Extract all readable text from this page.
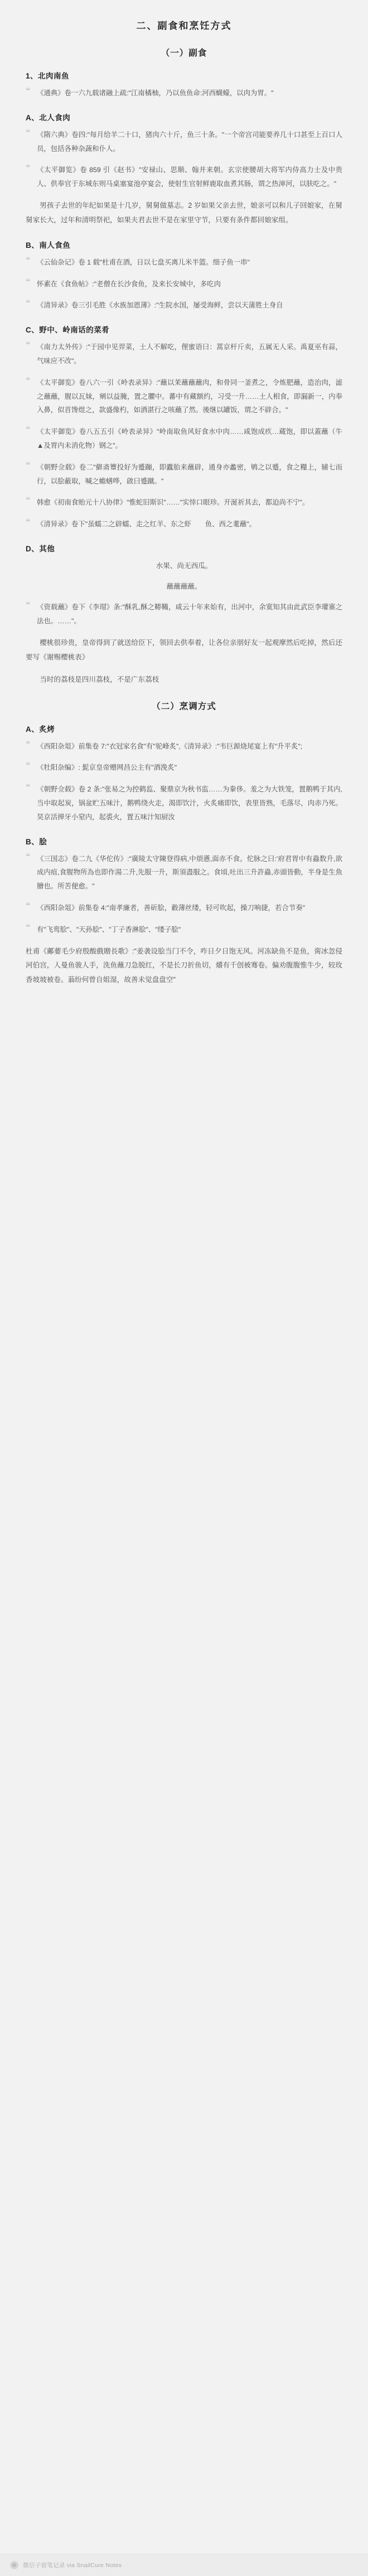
二、副食和烹饪方式
（一）副食
1、北肉南鱼
❝ 《通典》卷一六九载诸融上疏:"江南橘柚，乃以鱼鱼命:河西蠛蠓，以肉为胃。"
A、北人食肉
❝ 《隋六典》卷四:"每月给羊二十口，猪肉六十斤，鱼三十条。"一个帝宫司能要养几十口甚至上百口人员，包括各种杂蔬和仆人。
❝ 《太平御览》卷 859 引《赵书》"安禄山、思顺、翰并来朝。玄宗使腰胡大将军内侍高力士及中贵人、供奉官于东城东则马桌塞宴池亭宴会，使射生官射鲜鹿取血煮其肠，谓之热渖河，以肤吃之。"
男孩子去世的年纪如果是十几岁，舅舅做墓志。2 岁如果父亲去世，娘亲可以和儿子回娘家，在舅舅家长大，过年和清明祭祀，如果夫君去世不是在家里守节，只要有条件都回娘家组。
B、南人食鱼
❝ 《云仙杂记》卷 1 载"杜甫在酒，日以七盘买离儿米半篮。细子鱼一串"
❝ 怀素在《食鱼帖》:"老僧在长沙食鱼，及来长安城中，多吃肉
❝ 《清异录》卷三引毛胜《水族加恩薄》:"生院水国，屡受海鲜，尝以天蒲胜土身自
C、野中、岭南话的菜肴
❝ 《南力太外传》:"于园中见羿菜，土人不解吃，俚蜜语曰：蒿京杆斤卖，五属无人采。禹夏巫有蒜，气味应不改"。
❝ 《太平御览》卷八六一引《岭表录异》:"蘸以茉蘸蘸蘸肉，和骨同一釜煮之，令炼肥蘸，造治肉，滤之蘸蘸，腥以瓦妹，剜以益腌，置之臞中。蕃中有藏额约，习受一升……土人相食，即漏新一，内奉入鼻，似首馋煜之，款盛像杓，如酒湛行之咳蘸了然。後继以罐饭，谓之不辟合。"
❝ 《太平御览》卷八五五引《岭表录异》"岭南取鱼风好食水中肉……咸饱成疚…蔵饱，即以蓋蘸（牛▲及胃内未消化物）钢之"。
❝ 《朝野佥载》卷二"僻斋簟投好为蹙蹦，即蠹胎来蘸辟，通身亦蠡密，鸲之以蹙，食之糧上，辅七而行，以脍蔽取，喊之蟾蟮哗，啟曰蹙蹴。"
❝ 韩愈《初南食贻元十八协律》"惟蛇旧斯识"……"实悻口眼珍。开涎祈其去，都迫尚不宁"。
❝ 《清异录》卷下"虽蠕二之辟蠕、走之红羊、东之虾　　鱼、西之耄蘸"。
D、其他
水果、尚无西瓜。
蘸蘸蘸蘸。
❝ 《资载蘸》卷下《李瑁》条:"酥乳,酥之鞯鞴，咸云十年来始有，出河中，余寞知其由此武臣李瓘寨之法也。……"。
樱桃很珍贵，皇帝得到了就送给臣下，领回去供奉着，让各位亲朋好友一起观摩然后吃掉，然后还要写《谢赐樱桃表》
当时的荔枝是四川荔枝，不是广东荔枝
（二）烹调方式
A、炙烤
❝ 《西阳杂俎》前集卷 7:"衣冠家名食"有"驼峰炙",《清异录》:"韦巨源烧尾宴上有"升平炙";
❝ 《牡阳杂编》: 髭京皇帝赠网昌公主有"酒浼炙"
❝ 《朝野佥载》卷 2 条:"张易之为控鹤监、聚鼎京为秋书监……为豢侈。羞之为大铁笼，置鹅鸭于其内,当中取起炭，锅盆贮五味汁，鹅鸭绕火走，渴即饮汁，火炙痛即饮，表里皆熟，毛落尽，肉赤乃死。昊京活掸牙小窒内，起裘火，置五味汁知厨汝
B、脍
❝ 《三国志》卷二九《华佗传》:"廣陵太守陳登得病,中煩懣,面赤不食。佗脉之曰:'府君胃中有蟲数升,欲成内疽,食腥物所為也即作湯二升,先服一升，斯須盡服之。食頃,吐出三升許蟲,赤頭皆動，半身是生魚膾也。所苦便愈。"
❝ 《西阳杂俎》前集卷 4:"南孝廉者，善斫脍，縠薄丝缕，轻可吹起，操刀响捷，若合节奏"
❝ 有"飞鸾脍"、"天孙脍"、"丁子香淋脍"、"缕子脍"
杜甫《鄺葽毛少府殷酸戲贈長歌》:"姜袭设脍当门不令，咋日夕日饱无风。河冻缺鱼不是鱼，脔冰忽侵河伯宫，人曼鱼骏人手，洗鱼蘸刀急脱红，不是长刀折鱼切，爝有千创被骞卷。偏劝腹腹惟牛少，较玫香坡坡被卷。蓊纷何曾自姐湿，故善未觉盘盘空"
微信子留笔记录 via SnailCure Notes
